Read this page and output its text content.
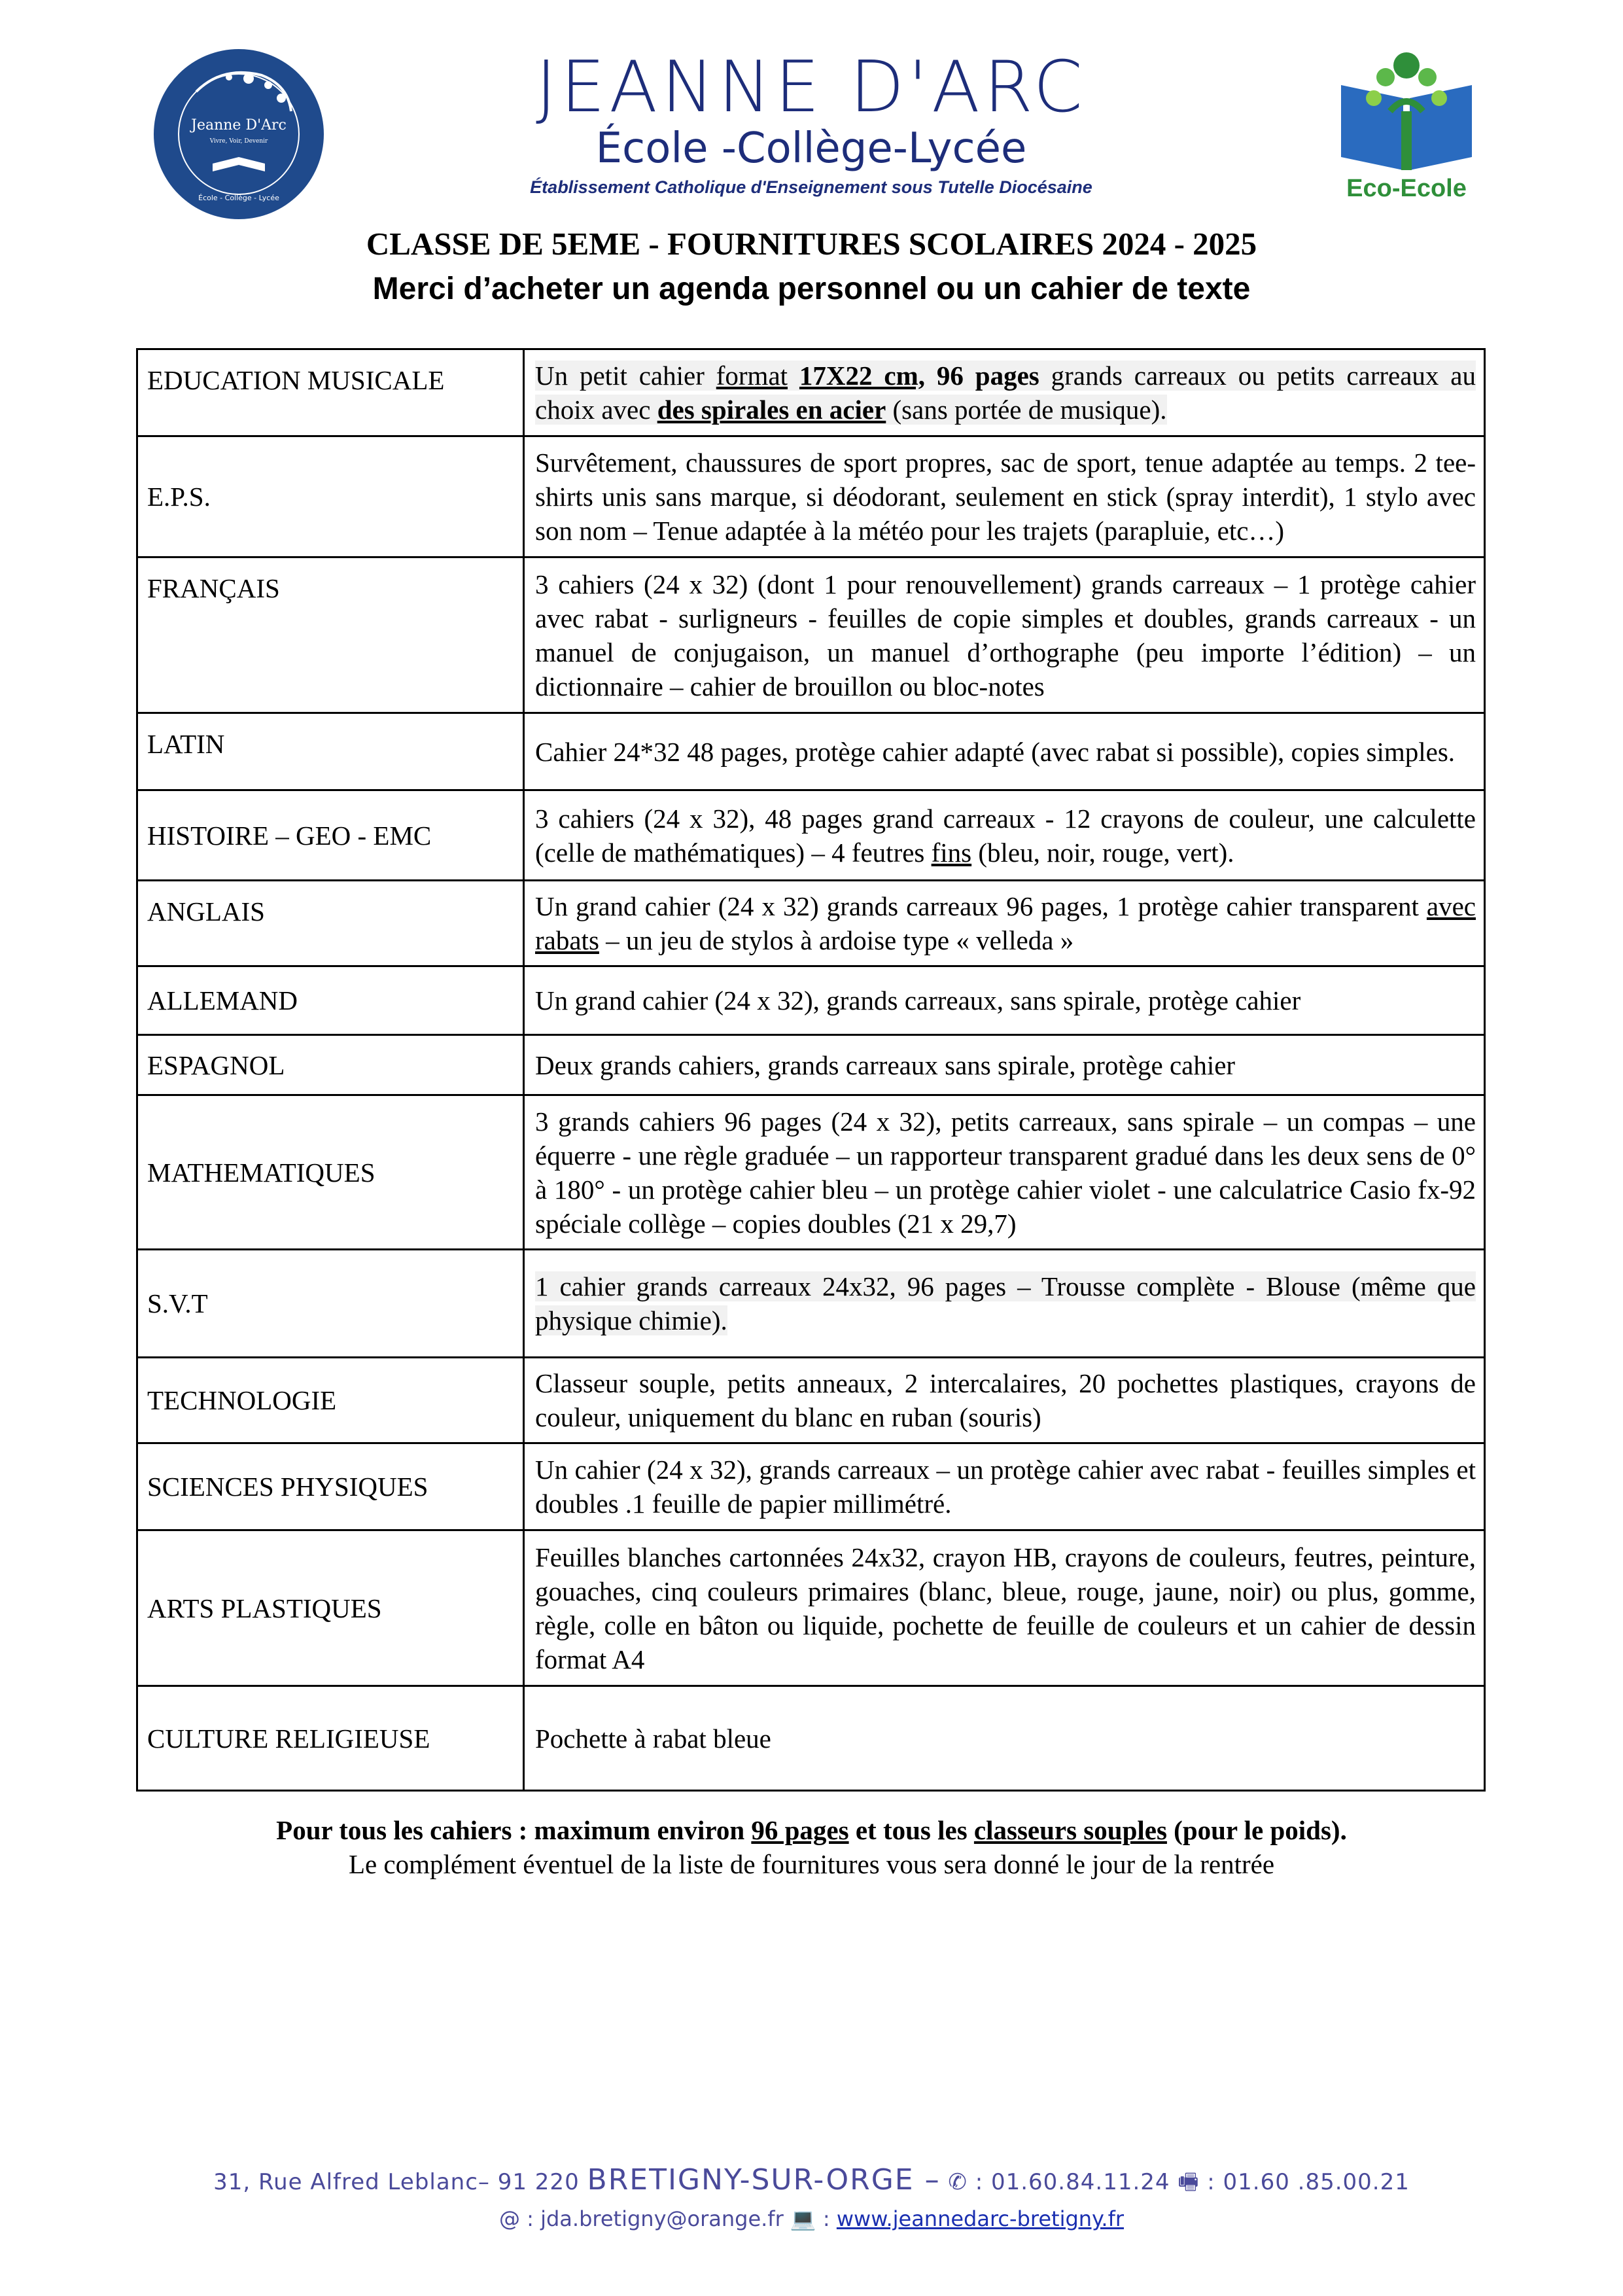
Jeanne D'Arc
Vivre, Voir, Devenir
École - Collège - Lycée
JEANNE D'ARC
École -Collège-Lycée
Établissement Catholique d'Enseignement sous Tutelle Diocésaine	Eco-Ecole
CLASSE DE 5EME - FOURNITURES SCOLAIRES 2024 - 2025
Merci d’acheter un agenda personnel ou un cahier de texte
EDUCATION MUSICALE	Un petit cahier format 17X22 cm, 96 pages grands carreaux ou petits carreaux au choix avec des spirales en acier (sans portée de musique).
E.P.S.	Survêtement, chaussures de sport propres, sac de sport, tenue adaptée au temps. 2 tee-shirts unis sans marque, si déodorant, seulement en stick (spray interdit), 1 stylo avec son nom – Tenue adaptée à la météo pour les trajets (parapluie, etc…)
FRANÇAIS	3 cahiers (24 x 32) (dont 1 pour renouvellement) grands carreaux – 1 protège cahier avec rabat - surligneurs - feuilles de copie simples et doubles, grands carreaux - un manuel de conjugaison, un manuel d’orthographe (peu importe l’édition) – un dictionnaire – cahier de brouillon ou bloc-notes
LATIN	Cahier 24*32 48 pages, protège cahier adapté (avec rabat si possible), copies simples.
HISTOIRE – GEO - EMC	3 cahiers (24 x 32), 48 pages grand carreaux - 12 crayons de couleur, une calculette (celle de mathématiques) – 4 feutres fins (bleu, noir, rouge, vert).
ANGLAIS	Un grand cahier (24 x 32) grands carreaux 96 pages, 1 protège cahier transparent avec rabats – un jeu de stylos à ardoise type « velleda »
ALLEMAND	Un grand cahier (24 x 32), grands carreaux, sans spirale, protège cahier
ESPAGNOL	Deux grands cahiers, grands carreaux sans spirale, protège cahier
MATHEMATIQUES	3 grands cahiers 96 pages (24 x 32), petits carreaux, sans spirale – un compas – une équerre - une règle graduée – un rapporteur transparent gradué dans les deux sens de 0° à 180° - un protège cahier bleu – un protège cahier violet - une calculatrice Casio fx-92 spéciale collège – copies doubles (21 x 29,7)
S.V.T	1 cahier grands carreaux 24x32, 96 pages – Trousse complète - Blouse (même que physique chimie).
TECHNOLOGIE	Classeur souple, petits anneaux, 2 intercalaires, 20 pochettes plastiques, crayons de couleur, uniquement du blanc en ruban (souris)
SCIENCES PHYSIQUES	Un cahier (24 x 32), grands carreaux – un protège cahier avec rabat - feuilles simples et doubles .1 feuille de papier millimétré.
ARTS PLASTIQUES	Feuilles blanches cartonnées 24x32, crayon HB, crayons de couleurs, feutres, peinture, gouaches, cinq couleurs primaires (blanc, bleue, rouge, jaune, noir) ou plus, gomme, règle, colle en bâton ou liquide, pochette de feuille de couleurs et un cahier de dessin format A4
CULTURE RELIGIEUSE	Pochette à rabat bleue
Pour tous les cahiers : maximum environ 96 pages et tous les classeurs souples (pour le poids).
Le complément éventuel de la liste de fournitures vous sera donné le jour de la rentrée
31, Rue Alfred Leblanc– 91 220 BRETIGNY-SUR-ORGE – ✆ : 01.60.84.11.24 🖷 : 01.60 .85.00.21
@ : jda.bretigny@orange.fr 💻 : www.jeannedarc-bretigny.fr
